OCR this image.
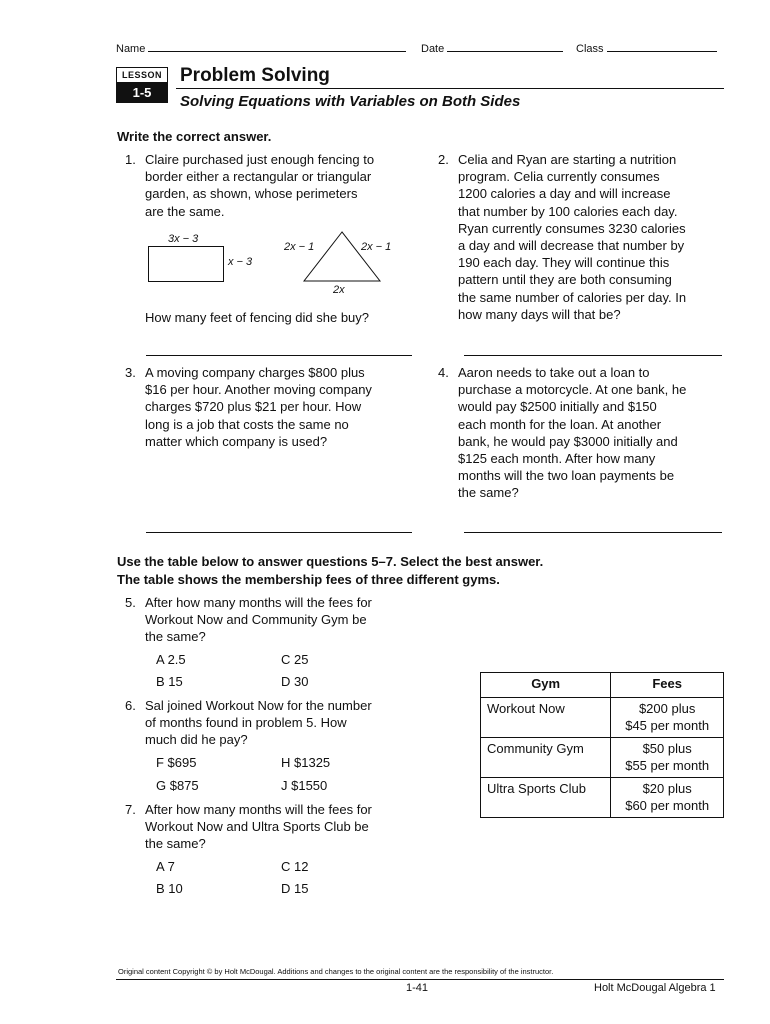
Name	Date	Class
LESSON
1-5
Problem Solving
Solving Equations with Variables on Both Sides
Write the correct answer.
1. Claire purchased just enough fencing to
border either a rectangular or triangular
garden, as shown, whose perimeters
are the same.
3x − 3
x − 3
2x − 1	2x − 1
2x
How many feet of fencing did she buy?
2. Celia and Ryan are starting a nutrition
program. Celia currently consumes
1200 calories a day and will increase
that number by 100 calories each day.
Ryan currently consumes 3230 calories
a day and will decrease that number by
190 each day. They will continue this
pattern until they are both consuming
the same number of calories per day. In
how many days will that be?
3. A moving company charges $800 plus
$16 per hour. Another moving company
charges $720 plus $21 per hour. How
long is a job that costs the same no
matter which company is used?
4. Aaron needs to take out a loan to
purchase a motorcycle. At one bank, he
would pay $2500 initially and $150
each month for the loan. At another
bank, he would pay $3000 initially and
$125 each month. After how many
months will the two loan payments be
the same?
Use the table below to answer questions 5–7. Select the best answer.
The table shows the membership fees of three different gyms.
5. After how many months will the fees for
Workout Now and Community Gym be
the same?
A 2.5	C 25
B 15	D 30
6. Sal joined Workout Now for the number
of months found in problem 5. How
much did he pay?
F $695	H $1325
G $875	J $1550
7. After how many months will the fees for
Workout Now and Ultra Sports Club be
the same?
A 7	C 12
B 10	D 15
Gym	Fees
Workout Now	$200 plus
$45 per month

Community Gym	$50 plus
$55 per month

Ultra Sports Club	$20 plus
$60 per month
Original content Copyright © by Holt McDougal. Additions and changes to the original content are the responsibility of the instructor.
1-41	Holt McDougal Algebra 1
